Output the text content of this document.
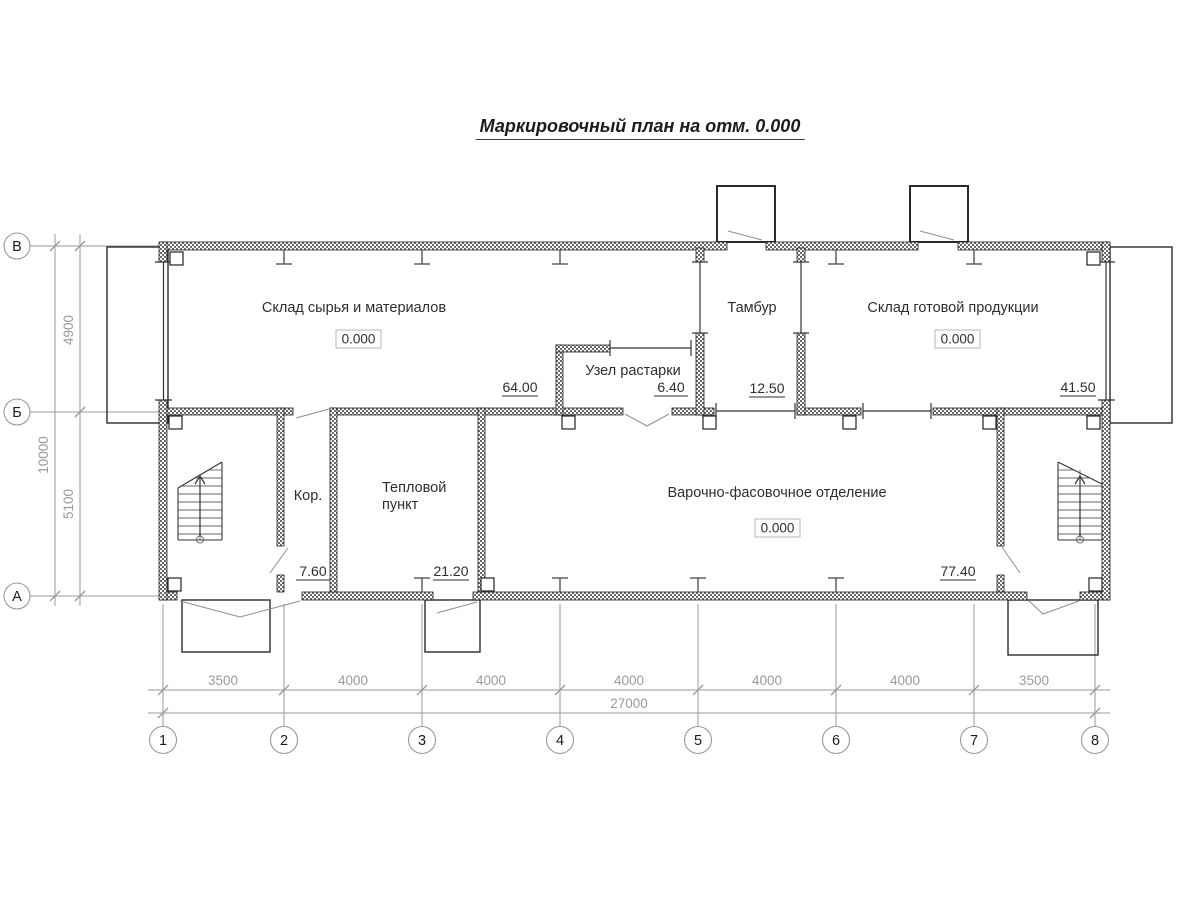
Маркировочный план на отм. 0.000
В
Б
А
4900
5100
10000
3500	4000	4000	4000	4000	4000	3500
27000
1	2	3	4	5	6	7	8
Склад сырья и материалов
0.000
64.00
Тамбур
12.50
Склад готовой продукции
0.000
41.50
Узел растарки
6.40
Кор.
7.60
Тепловой
пункт
21.20
Варочно-фасовочное отделение
0.000
77.40
